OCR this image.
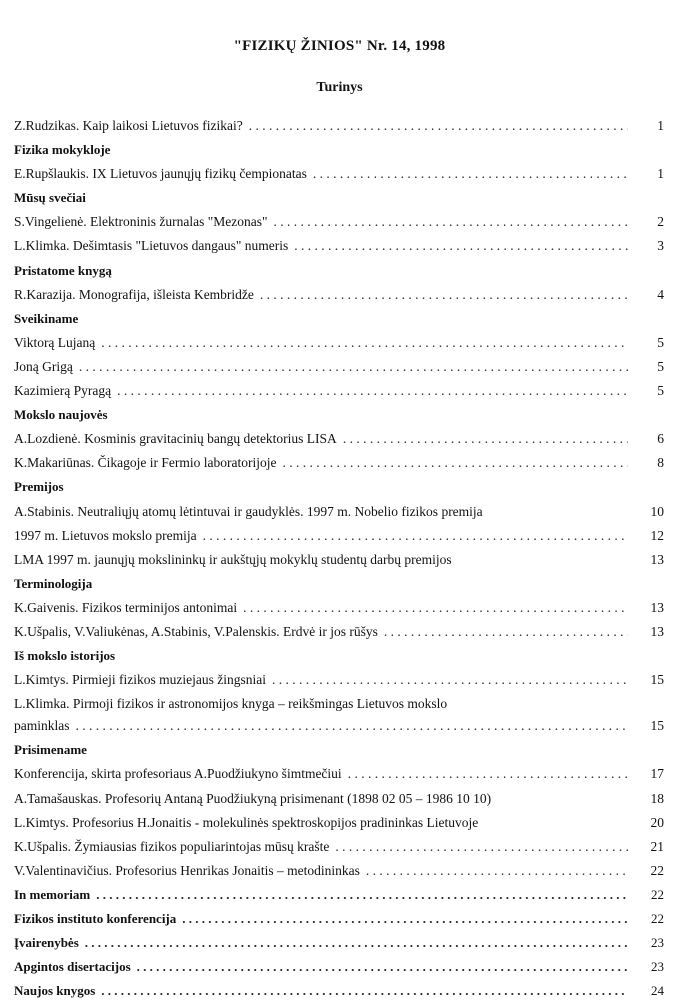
"FIZIKŲ ŽINIOS" Nr. 14, 1998
Turinys
Z.Rudzikas. Kaip laikosi Lietuvos fizikai? . . .	1
Fizika mokykloje
E.Rupšlaukis. IX Lietuvos jaunųjų fizikų čempionatas . . .	1
Mūsų svečiai
S.Vingelienė. Elektroninis žurnalas "Mezonas" . . .	2
L.Klimka. Dešimtasis "Lietuvos dangaus" numeris . . .	3
Pristatome knygą
R.Karazija. Monografija, išleista Kembridže . . .	4
Sveikiname
Viktorą Lujaną . . .	5
Joną Grigą . . .	5
Kazimierą Pyragą . . .	5
Mokslo naujovės
A.Lozdienė. Kosminis gravitacinių bangų detektorius LISA . . .	6
K.Makariūnas. Čikagoje ir Fermio laboratorijoje . . .	8
Premijos
A.Stabinis. Neutraliųjų atomų lėtintuvai ir gaudyklės. 1997 m. Nobelio fizikos premija	10
1997 m. Lietuvos mokslo premija . . .	12
LMA 1997 m. jaunųjų mokslininkų ir aukštųjų mokyklų studentų darbų premijos	13
Terminologija
K.Gaivenis. Fizikos terminijos antonimai . . .	13
K.Ušpalis, V.Valiukėnas, A.Stabinis, V.Palenskis. Erdvė ir jos rūšys . . .	13
Iš mokslo istorijos
L.Kimtys. Pirmieji fizikos muziejaus žingsniai . . .	15
L.Klimka. Pirmoji fizikos ir astronomijos knyga – reikšmingas Lietuvos mokslo
paminklas . . .	15
Prisimename
Konferencija, skirta profesoriaus A.Puodžiukyno šimtmečiui . . .	17
A.Tamašauskas. Profesorių Antaną Puodžiukyną prisimenant (1898 02 05 – 1986 10 10)	18
L.Kimtys. Profesorius H.Jonaitis - molekulinės spektroskopijos pradininkas Lietuvoje	20
K.Ušpalis. Žymiausias fizikos populiarintojas mūsų krašte . . .	21
V.Valentinavičius. Profesorius Henrikas Jonaitis – metodininkas . . .	22
In memoriam . . .	22
Fizikos instituto konferencija . . .	22
Įvairenybės . . .	23
Apgintos disertacijos . . .	23
Naujos knygos . . .	24
